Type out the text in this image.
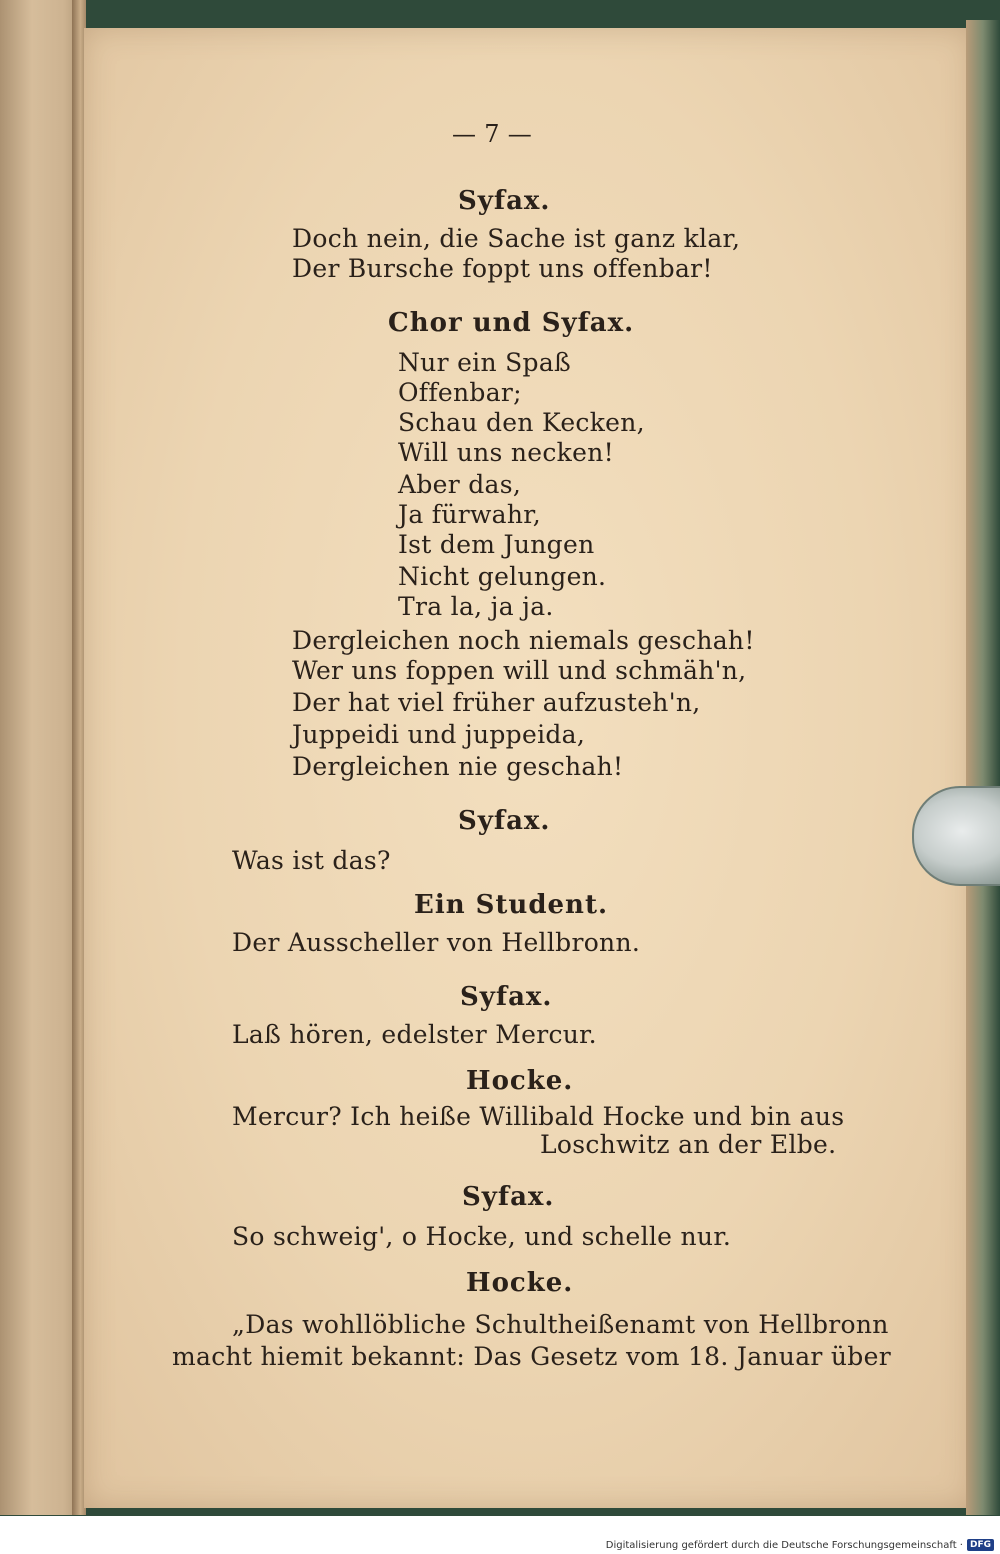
— 7 —
Syfax.
Doch nein, die Sache ist ganz klar,
Der Bursche foppt uns offenbar!
Chor und Syfax.
Nur ein Spaß
Offenbar;
Schau den Kecken,
Will uns necken!
Aber das,
Ja fürwahr,
Ist dem Jungen
Nicht gelungen.
Tra la, ja ja.
Dergleichen noch niemals geschah!
Wer uns foppen will und schmäh'n,
Der hat viel früher aufzusteh'n,
Juppeidi und juppeida,
Dergleichen nie geschah!
Syfax.
Was ist das?
Ein Student.
Der Ausscheller von Hellbronn.
Syfax.
Laß hören, edelster Mercur.
Hocke.
Mercur? Ich heiße Willibald Hocke und bin aus
Loschwitz an der Elbe.
Syfax.
So schweig', o Hocke, und schelle nur.
Hocke.
„Das wohllöbliche Schultheißenamt von Hellbronn
macht hiemit bekannt: Das Gesetz vom 18. Januar über
Digitalisierung gefördert durch die Deutsche Forschungsgemeinschaft · DFG
